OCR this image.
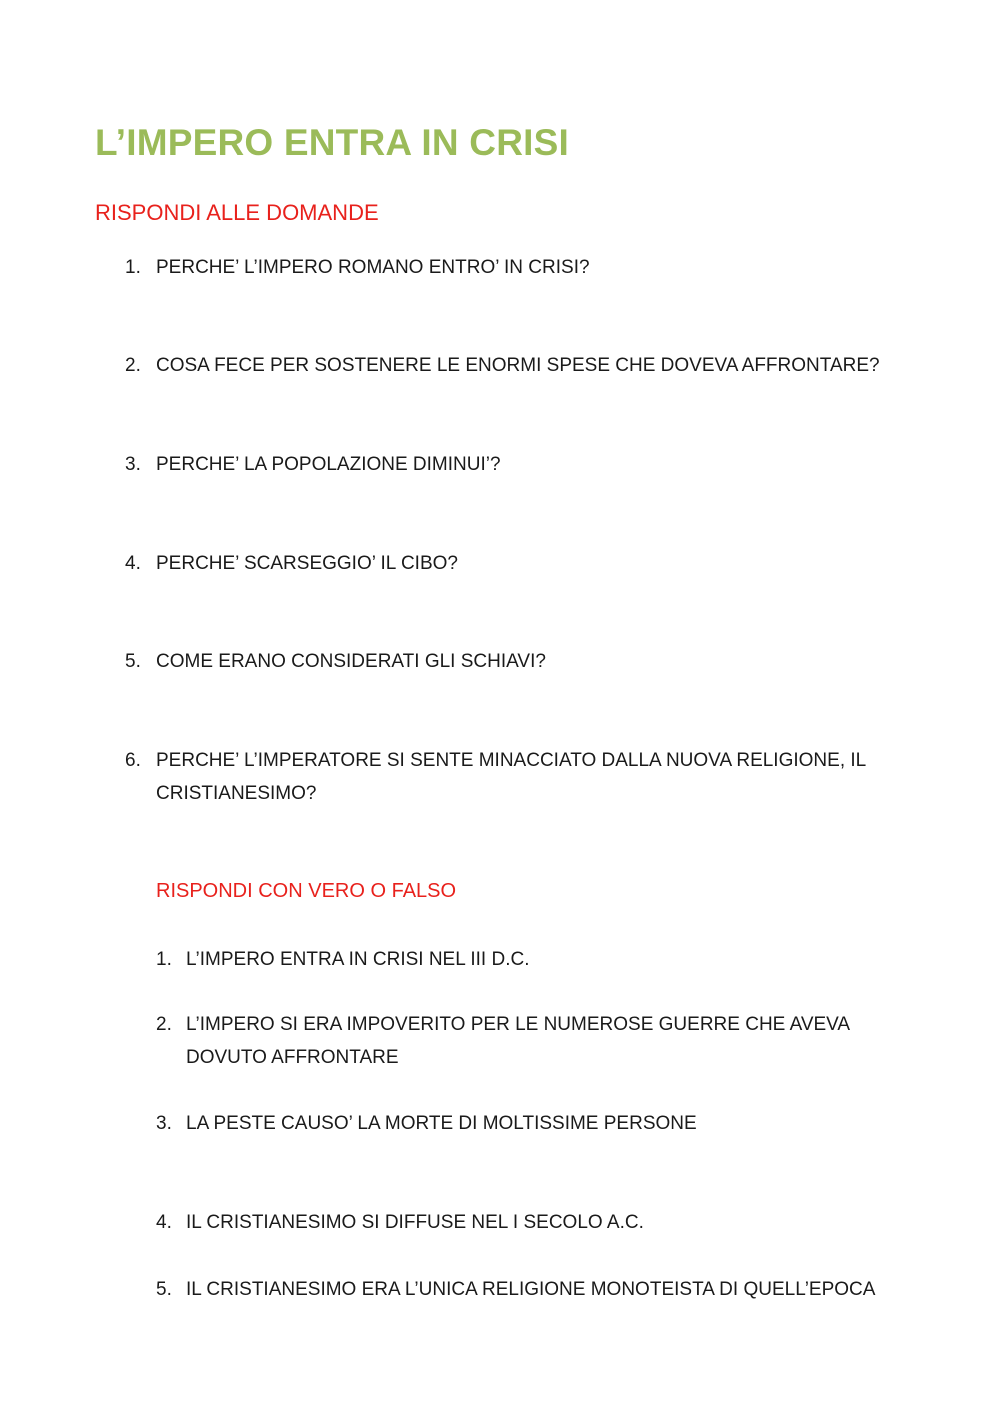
L’IMPERO ENTRA IN CRISI
RISPONDI ALLE DOMANDE
1. PERCHE’ L’IMPERO ROMANO ENTRO’ IN CRISI?
2. COSA FECE PER SOSTENERE LE ENORMI SPESE CHE DOVEVA AFFRONTARE?
3. PERCHE’ LA POPOLAZIONE DIMINUI’?
4. PERCHE’ SCARSEGGIO’ IL CIBO?
5. COME ERANO CONSIDERATI GLI SCHIAVI?
6. PERCHE’ L’IMPERATORE SI SENTE MINACCIATO DALLA NUOVA RELIGIONE, IL CRISTIANESIMO?
RISPONDI CON VERO O FALSO
1. L’IMPERO ENTRA IN CRISI NEL III D.C.
2. L’IMPERO SI ERA IMPOVERITO PER LE NUMEROSE GUERRE CHE AVEVA DOVUTO AFFRONTARE
3. LA PESTE CAUSO’ LA MORTE DI MOLTISSIME PERSONE
4. IL CRISTIANESIMO SI DIFFUSE NEL I SECOLO A.C.
5. IL CRISTIANESIMO ERA L’UNICA RELIGIONE MONOTEISTA DI QUELL’EPOCA
